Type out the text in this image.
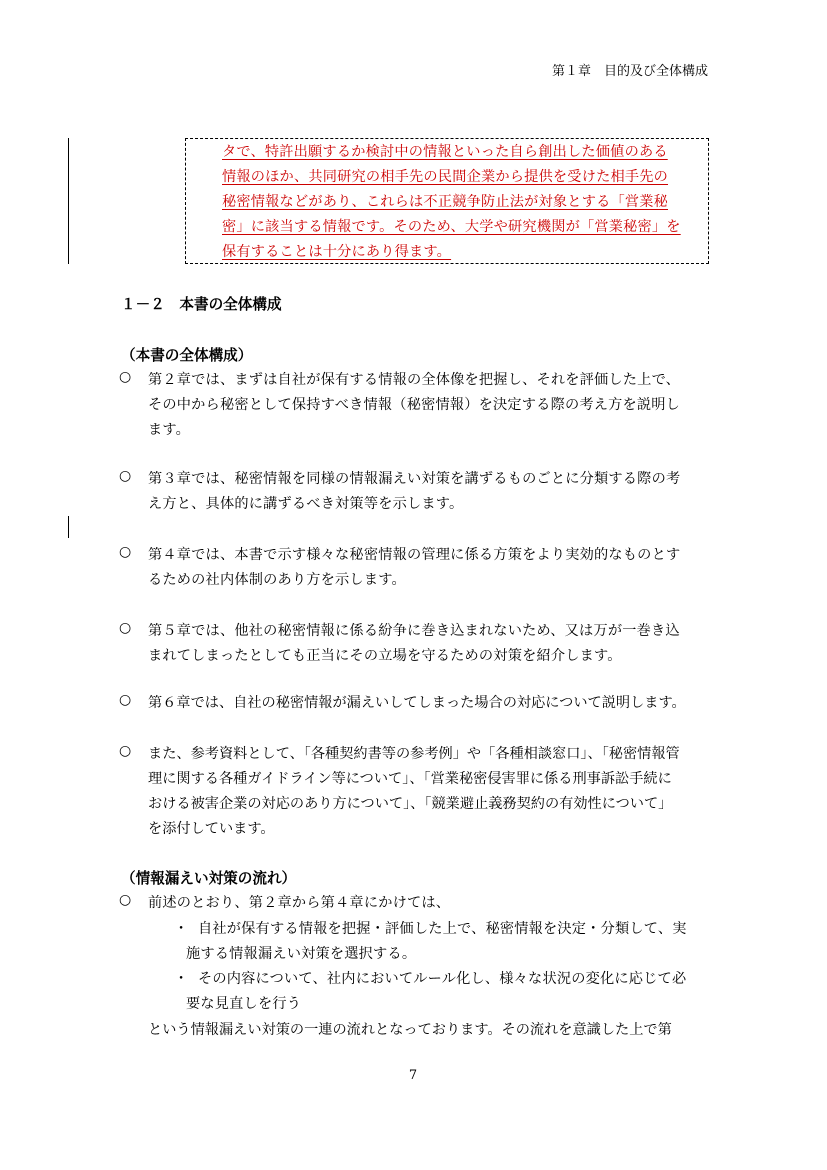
第１章　目的及び全体構成
タで、特許出願するか検討中の情報といった自ら創出した価値のある
情報のほか、共同研究の相手先の民間企業から提供を受けた相手先の
秘密情報などがあり、これらは不正競争防止法が対象とする「営業秘
密」に該当する情報です。そのため、大学や研究機関が「営業秘密」を
保有することは十分にあり得ます。
１－２　本書の全体構成
（本書の全体構成）
○ 第２章では、まずは自社が保有する情報の全体像を把握し、それを評価した上で、
その中から秘密として保持すべき情報（秘密情報）を決定する際の考え方を説明し
ます。
○ 第３章では、秘密情報を同様の情報漏えい対策を講ずるものごとに分類する際の考
え方と、具体的に講ずるべき対策等を示します。
○ 第４章では、本書で示す様々な秘密情報の管理に係る方策をより実効的なものとす
るための社内体制のあり方を示します。
○ 第５章では、他社の秘密情報に係る紛争に巻き込まれないため、又は万が一巻き込
まれてしまったとしても正当にその立場を守るための対策を紹介します。
○ 第６章では、自社の秘密情報が漏えいしてしまった場合の対応について説明します。
○ また、参考資料として、「各種契約書等の参考例」や「各種相談窓口」、「秘密情報管
理に関する各種ガイドライン等について」、「営業秘密侵害罪に係る刑事訴訟手続に
おける被害企業の対応のあり方について」、「競業避止義務契約の有効性について」
を添付しています。
（情報漏えい対策の流れ）
○ 前述のとおり、第２章から第４章にかけては、
・ 自社が保有する情報を把握・評価した上で、秘密情報を決定・分類して、実
施する情報漏えい対策を選択する。
・ その内容について、社内においてルール化し、様々な状況の変化に応じて必
要な見直しを行う
という情報漏えい対策の一連の流れとなっております。その流れを意識した上で第
7
